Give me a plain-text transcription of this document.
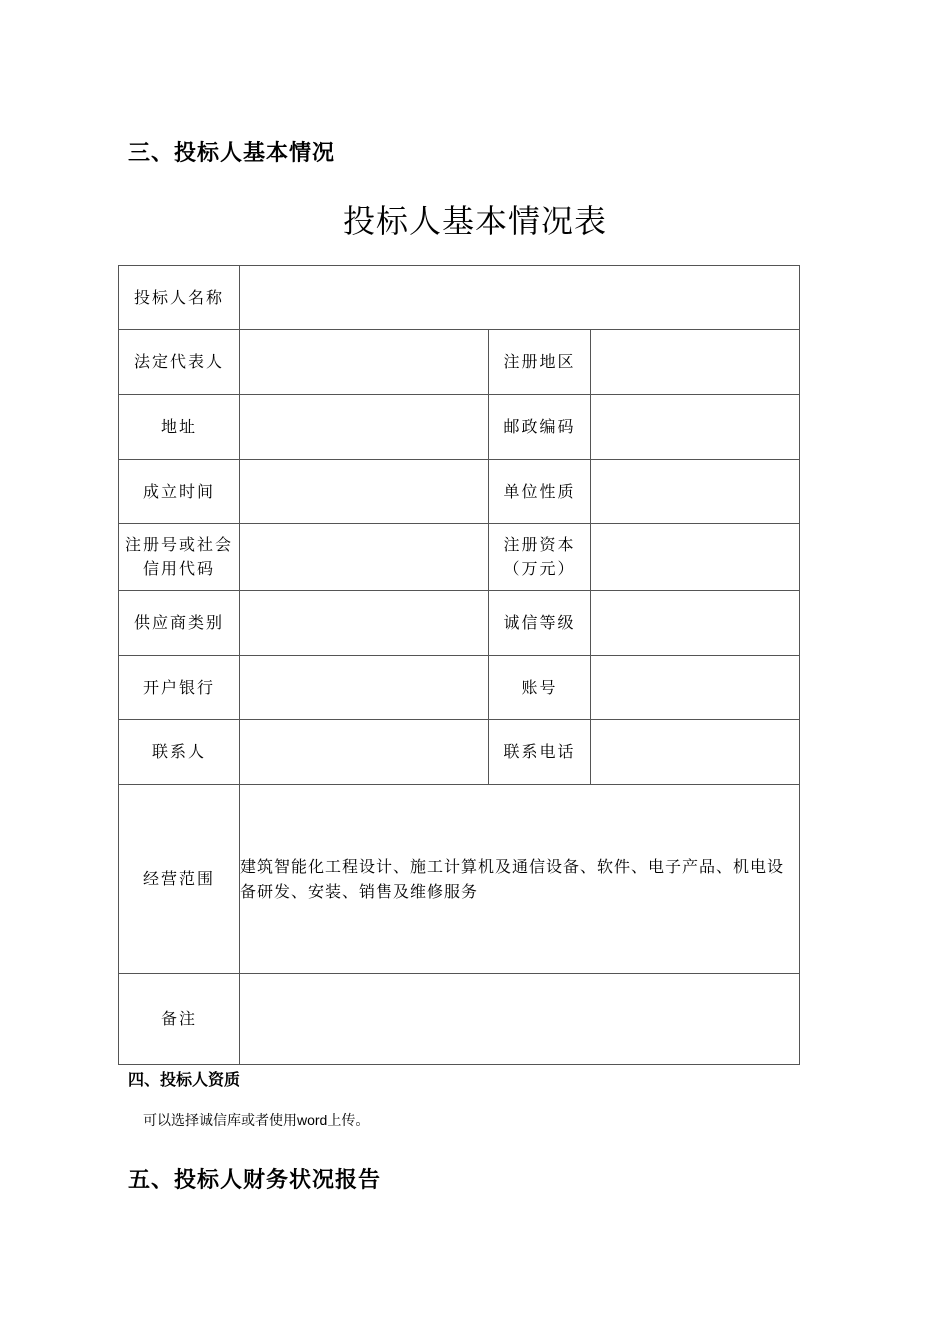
三、投标人基本情况
投标人基本情况表
投标人名称			
法定代表人		注册地区	
地址		邮政编码	
成立时间		单位性质	
注册号或社会信用代码		注册资本（万元）	
供应商类别		诚信等级	
开户银行		账号	
联系人		联系电话	
经营范围	建筑智能化工程设计、施工计算机及通信设备、软件、电子产品、机电设备研发、安装、销售及维修服务		
备注			
四、投标人资质
可以选择诚信库或者使用word上传。
五、投标人财务状况报告
